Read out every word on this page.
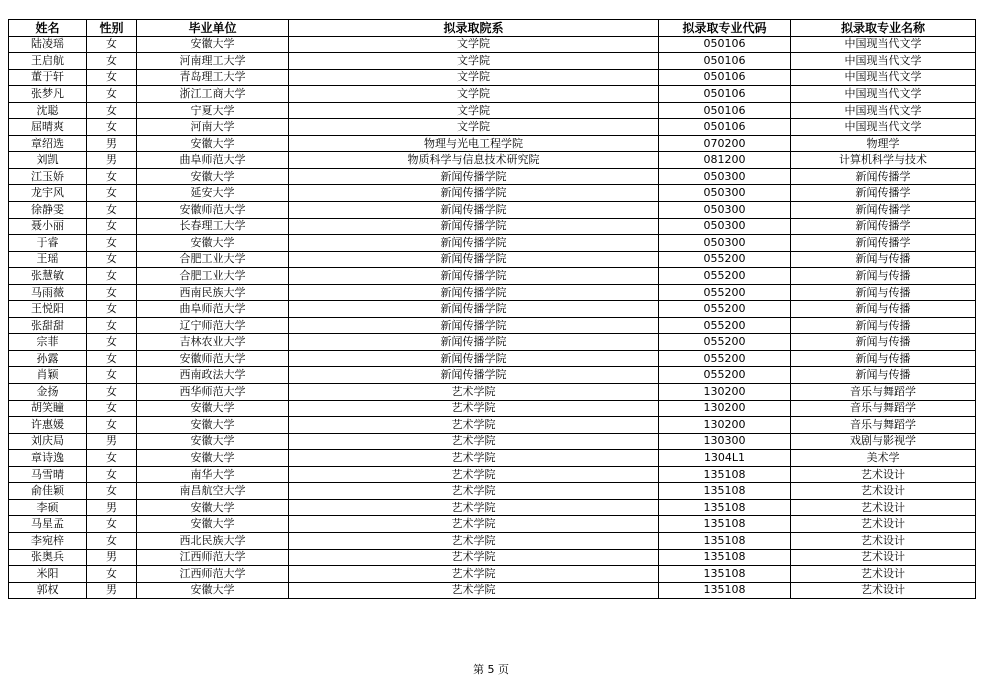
姓名	性别	毕业单位	拟录取院系	拟录取专业代码	拟录取专业名称
陆凌瑶	女	安徽大学	文学院	050106	中国现当代文学
王启航	女	河南理工大学	文学院	050106	中国现当代文学
董于轩	女	青岛理工大学	文学院	050106	中国现当代文学
张梦凡	女	浙江工商大学	文学院	050106	中国现当代文学
沈聪	女	宁夏大学	文学院	050106	中国现当代文学
屈晴爽	女	河南大学	文学院	050106	中国现当代文学
章绍选	男	安徽大学	物理与光电工程学院	070200	物理学
刘凯	男	曲阜师范大学	物质科学与信息技术研究院	081200	计算机科学与技术
江玉娇	女	安徽大学	新闻传播学院	050300	新闻传播学
龙宇风	女	延安大学	新闻传播学院	050300	新闻传播学
徐静雯	女	安徽师范大学	新闻传播学院	050300	新闻传播学
聂小丽	女	长春理工大学	新闻传播学院	050300	新闻传播学
于睿	女	安徽大学	新闻传播学院	050300	新闻传播学
王瑶	女	合肥工业大学	新闻传播学院	055200	新闻与传播
张慧敏	女	合肥工业大学	新闻传播学院	055200	新闻与传播
马雨薇	女	西南民族大学	新闻传播学院	055200	新闻与传播
王悦阳	女	曲阜师范大学	新闻传播学院	055200	新闻与传播
张甜甜	女	辽宁师范大学	新闻传播学院	055200	新闻与传播
宗菲	女	吉林农业大学	新闻传播学院	055200	新闻与传播
孙露	女	安徽师范大学	新闻传播学院	055200	新闻与传播
肖颖	女	西南政法大学	新闻传播学院	055200	新闻与传播
金扬	女	西华师范大学	艺术学院	130200	音乐与舞蹈学
胡笑瞳	女	安徽大学	艺术学院	130200	音乐与舞蹈学
许惠媛	女	安徽大学	艺术学院	130200	音乐与舞蹈学
刘庆局	男	安徽大学	艺术学院	130300	戏剧与影视学
章诗逸	女	安徽大学	艺术学院	1304L1	美术学
马雪晴	女	南华大学	艺术学院	135108	艺术设计
俞佳颖	女	南昌航空大学	艺术学院	135108	艺术设计
李硕	男	安徽大学	艺术学院	135108	艺术设计
马星孟	女	安徽大学	艺术学院	135108	艺术设计
李宛梓	女	西北民族大学	艺术学院	135108	艺术设计
张奥兵	男	江西师范大学	艺术学院	135108	艺术设计
米阳	女	江西师范大学	艺术学院	135108	艺术设计
郭权	男	安徽大学	艺术学院	135108	艺术设计
第 5 页
